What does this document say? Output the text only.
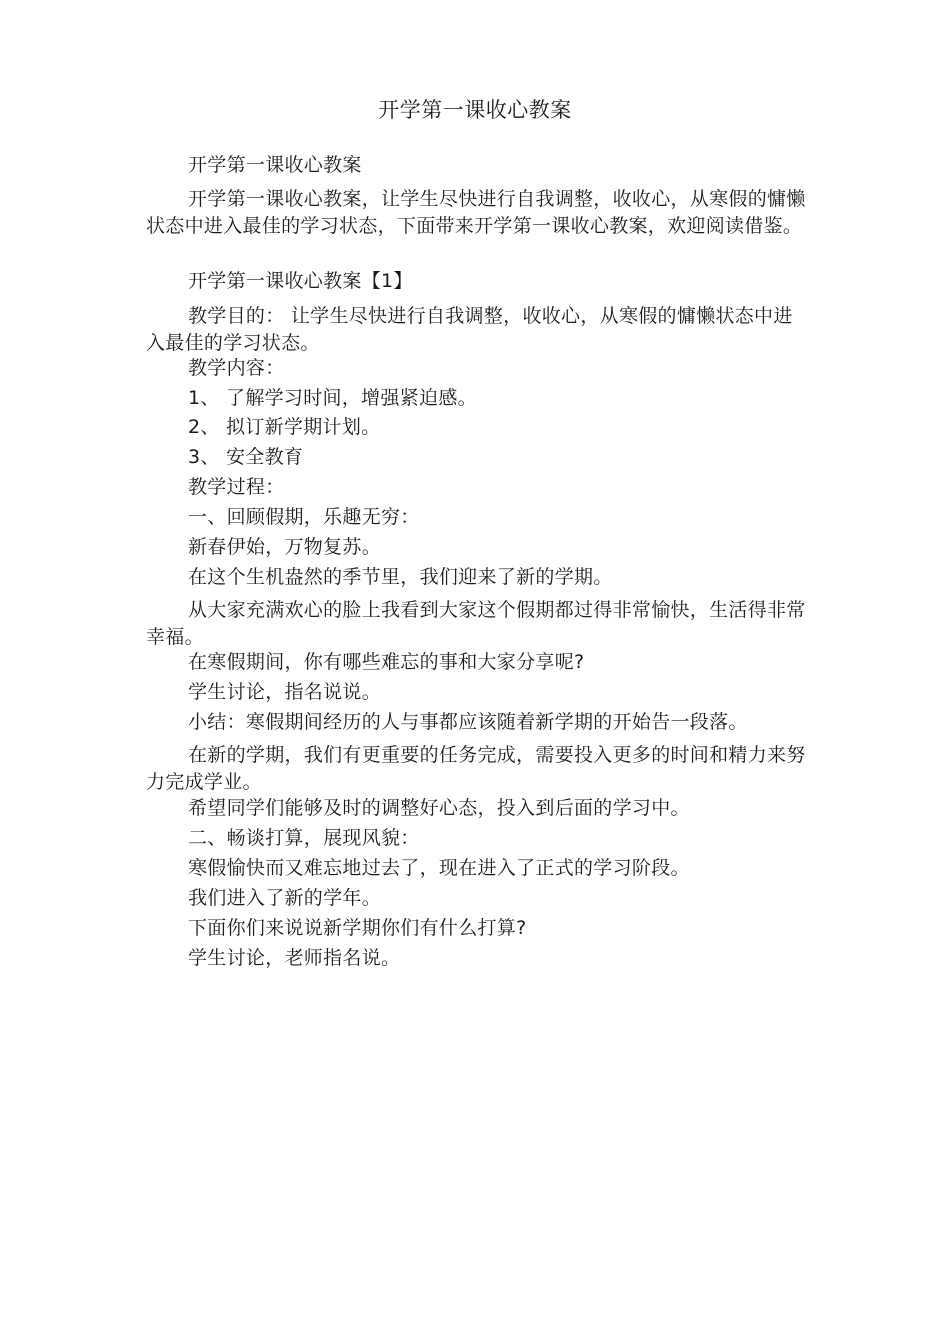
开学第一课收心教案
开学第一课收心教案
开学第一课收心教案，让学生尽快进行自我调整，收收心，从寒假的慵懒状态中进入最佳的学习状态，下面带来开学第一课收心教案，欢迎阅读借鉴。
开学第一课收心教案【1】
教学目的： 让学生尽快进行自我调整，收收心，从寒假的慵懒状态中进入最佳的学习状态。
教学内容：
1、 了解学习时间，增强紧迫感。
2、 拟订新学期计划。
3、 安全教育
教学过程：
一、回顾假期，乐趣无穷：
新春伊始，万物复苏。
在这个生机盎然的季节里，我们迎来了新的学期。
从大家充满欢心的脸上我看到大家这个假期都过得非常愉快，生活得非常幸福。
在寒假期间，你有哪些难忘的事和大家分享呢?
学生讨论，指名说说。
小结：寒假期间经历的人与事都应该随着新学期的开始告一段落。
在新的学期，我们有更重要的任务完成，需要投入更多的时间和精力来努力完成学业。
希望同学们能够及时的调整好心态，投入到后面的学习中。
二、畅谈打算，展现风貌：
寒假愉快而又难忘地过去了，现在进入了正式的学习阶段。
我们进入了新的学年。
下面你们来说说新学期你们有什么打算?
学生讨论，老师指名说。
